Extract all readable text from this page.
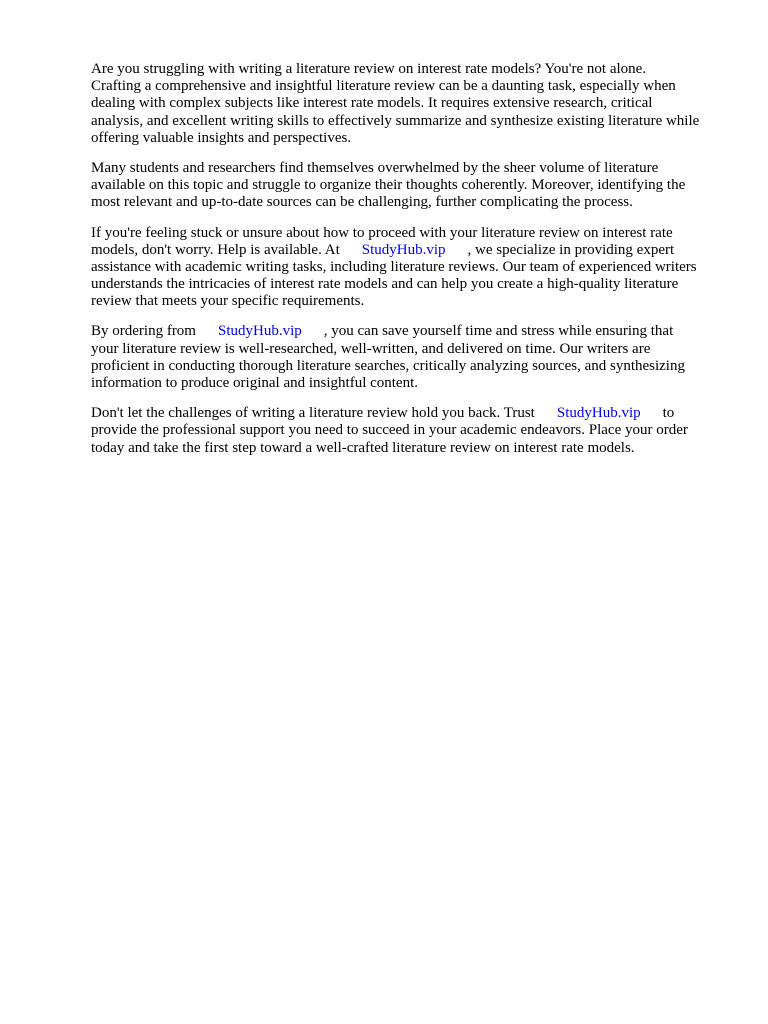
Are you struggling with writing a literature review on interest rate models? You're not alone.
Crafting a comprehensive and insightful literature review can be a daunting task, especially when
dealing with complex subjects like interest rate models. It requires extensive research, critical
analysis, and excellent writing skills to effectively summarize and synthesize existing literature while
offering valuable insights and perspectives.

Many students and researchers find themselves overwhelmed by the sheer volume of literature
available on this topic and struggle to organize their thoughts coherently. Moreover, identifying the
most relevant and up-to-date sources can be challenging, further complicating the process.

If you're feeling stuck or unsure about how to proceed with your literature review on interest rate
models, don't worry. Help is available. At StudyHub.vip , we specialize in providing expert
assistance with academic writing tasks, including literature reviews. Our team of experienced writers
understands the intricacies of interest rate models and can help you create a high-quality literature
review that meets your specific requirements.

By ordering from StudyHub.vip , you can save yourself time and stress while ensuring that
your literature review is well-researched, well-written, and delivered on time. Our writers are
proficient in conducting thorough literature searches, critically analyzing sources, and synthesizing
information to produce original and insightful content.

Don't let the challenges of writing a literature review hold you back. Trust StudyHub.vip to
provide the professional support you need to succeed in your academic endeavors. Place your order
today and take the first step toward a well-crafted literature review on interest rate models.
